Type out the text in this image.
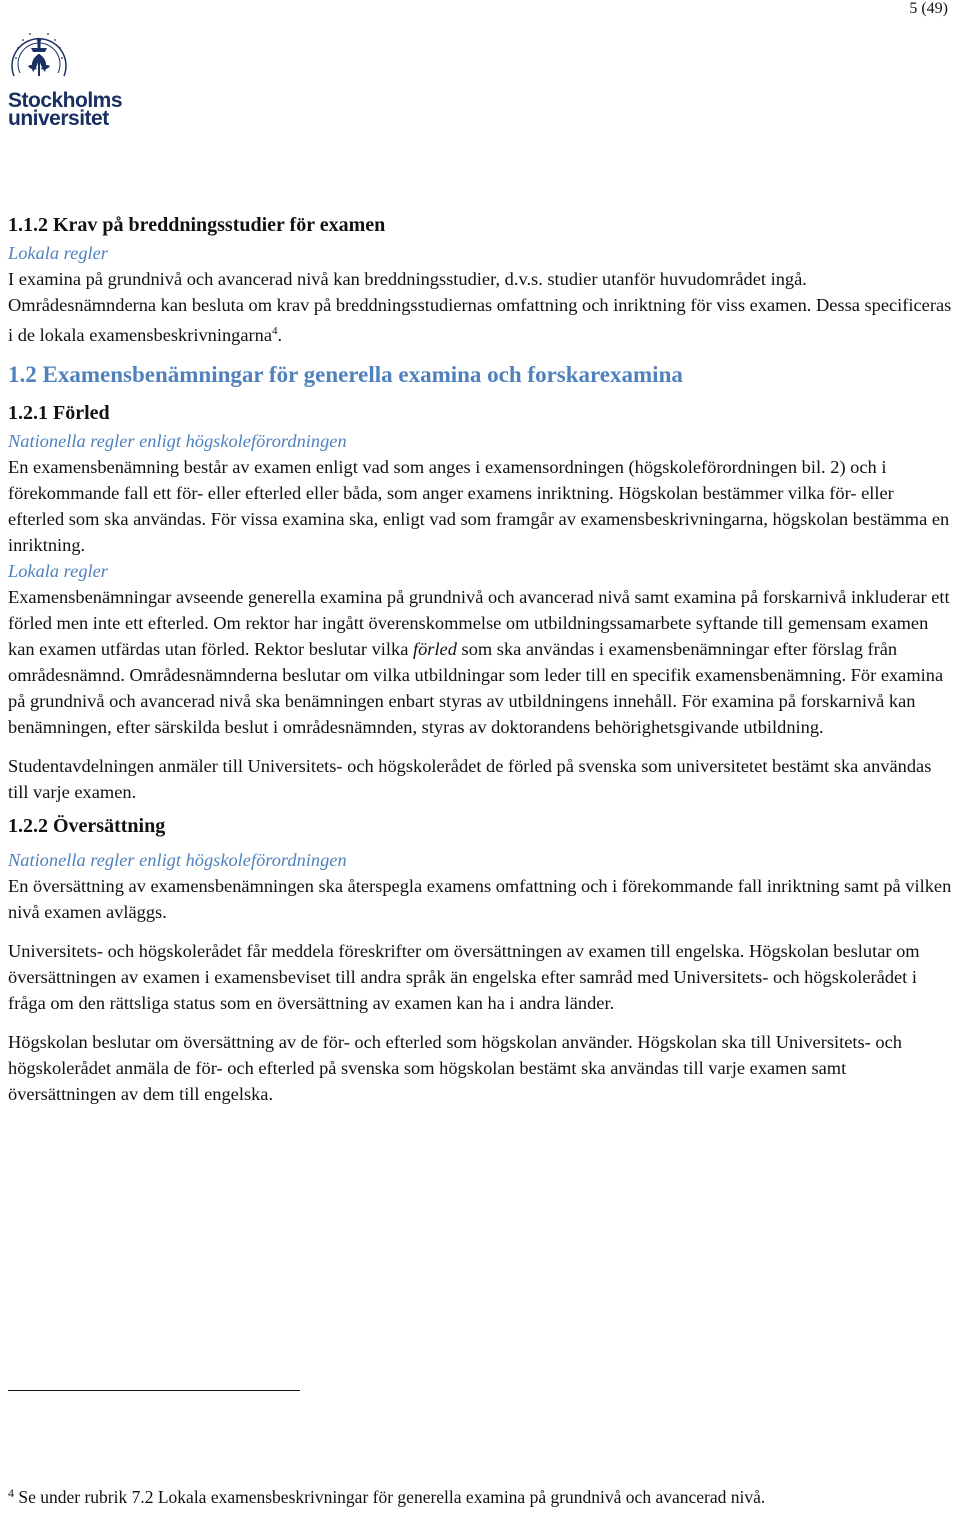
5 (49)
Stockholms
universitet
1.1.2 Krav på breddningsstudier för examen
Lokala regler

I examina på grundnivå och avancerad nivå kan breddningsstudier, d.v.s. studier utanför huvudområdet ingå. Områdesnämnderna kan besluta om krav på breddningsstudiernas omfattning och inriktning för viss examen. Dessa specificeras i de lokala examensbeskrivningarna$^4$.

1.2 Examensbenämningar för generella examina och forskarexamina
1.2.1 Förled
Nationella regler enligt högskoleförordningen

En examensbenämning består av examen enligt vad som anges i examensordningen (högskoleförordningen bil. 2) och i förekommande fall ett för- eller efterled eller båda, som anger examens inriktning. Högskolan bestämmer vilka för- eller efterled som ska användas. För vissa examina ska, enligt vad som framgår av examensbeskrivningarna, högskolan bestämma en inriktning.

Lokala regler

Examensbenämningar avseende generella examina på grundnivå och avancerad nivå samt examina på forskarnivå inkluderar ett förled men inte ett efterled. Om rektor har ingått överenskommelse om utbildningssamarbete syftande till gemensam examen kan examen utfärdas utan förled. Rektor beslutar vilka förled som ska användas i examensbenämningar efter förslag från områdesnämnd. Områdesnämnderna beslutar om vilka utbildningar som leder till en specifik examensbenämning. För examina på grundnivå och avancerad nivå ska benämningen enbart styras av utbildningens innehåll. För examina på forskarnivå kan benämningen, efter särskilda beslut i områdesnämnden, styras av doktorandens behörighetsgivande utbildning.

Studentavdelningen anmäler till Universitets- och högskolerådet de förled på svenska som universitetet bestämt ska användas till varje examen.

1.2.2 Översättning
Nationella regler enligt högskoleförordningen

En översättning av examensbenämningen ska återspegla examens omfattning och i förekommande fall inriktning samt på vilken nivå examen avläggs.

Universitets- och högskolerådet får meddela föreskrifter om översättningen av examen till engelska. Högskolan beslutar om översättningen av examen i examensbeviset till andra språk än engelska efter samråd med Universitets- och högskolerådet i fråga om den rättsliga status som en översättning av examen kan ha i andra länder.

Högskolan beslutar om översättning av de för- och efterled som högskolan använder. Högskolan ska till Universitets- och högskolerådet anmäla de för- och efterled på svenska som högskolan bestämt ska användas till varje examen samt översättningen av dem till engelska.

$^4$ Se under rubrik 7.2 Lokala examensbeskrivningar för generella examina på grundnivå och avancerad nivå.
